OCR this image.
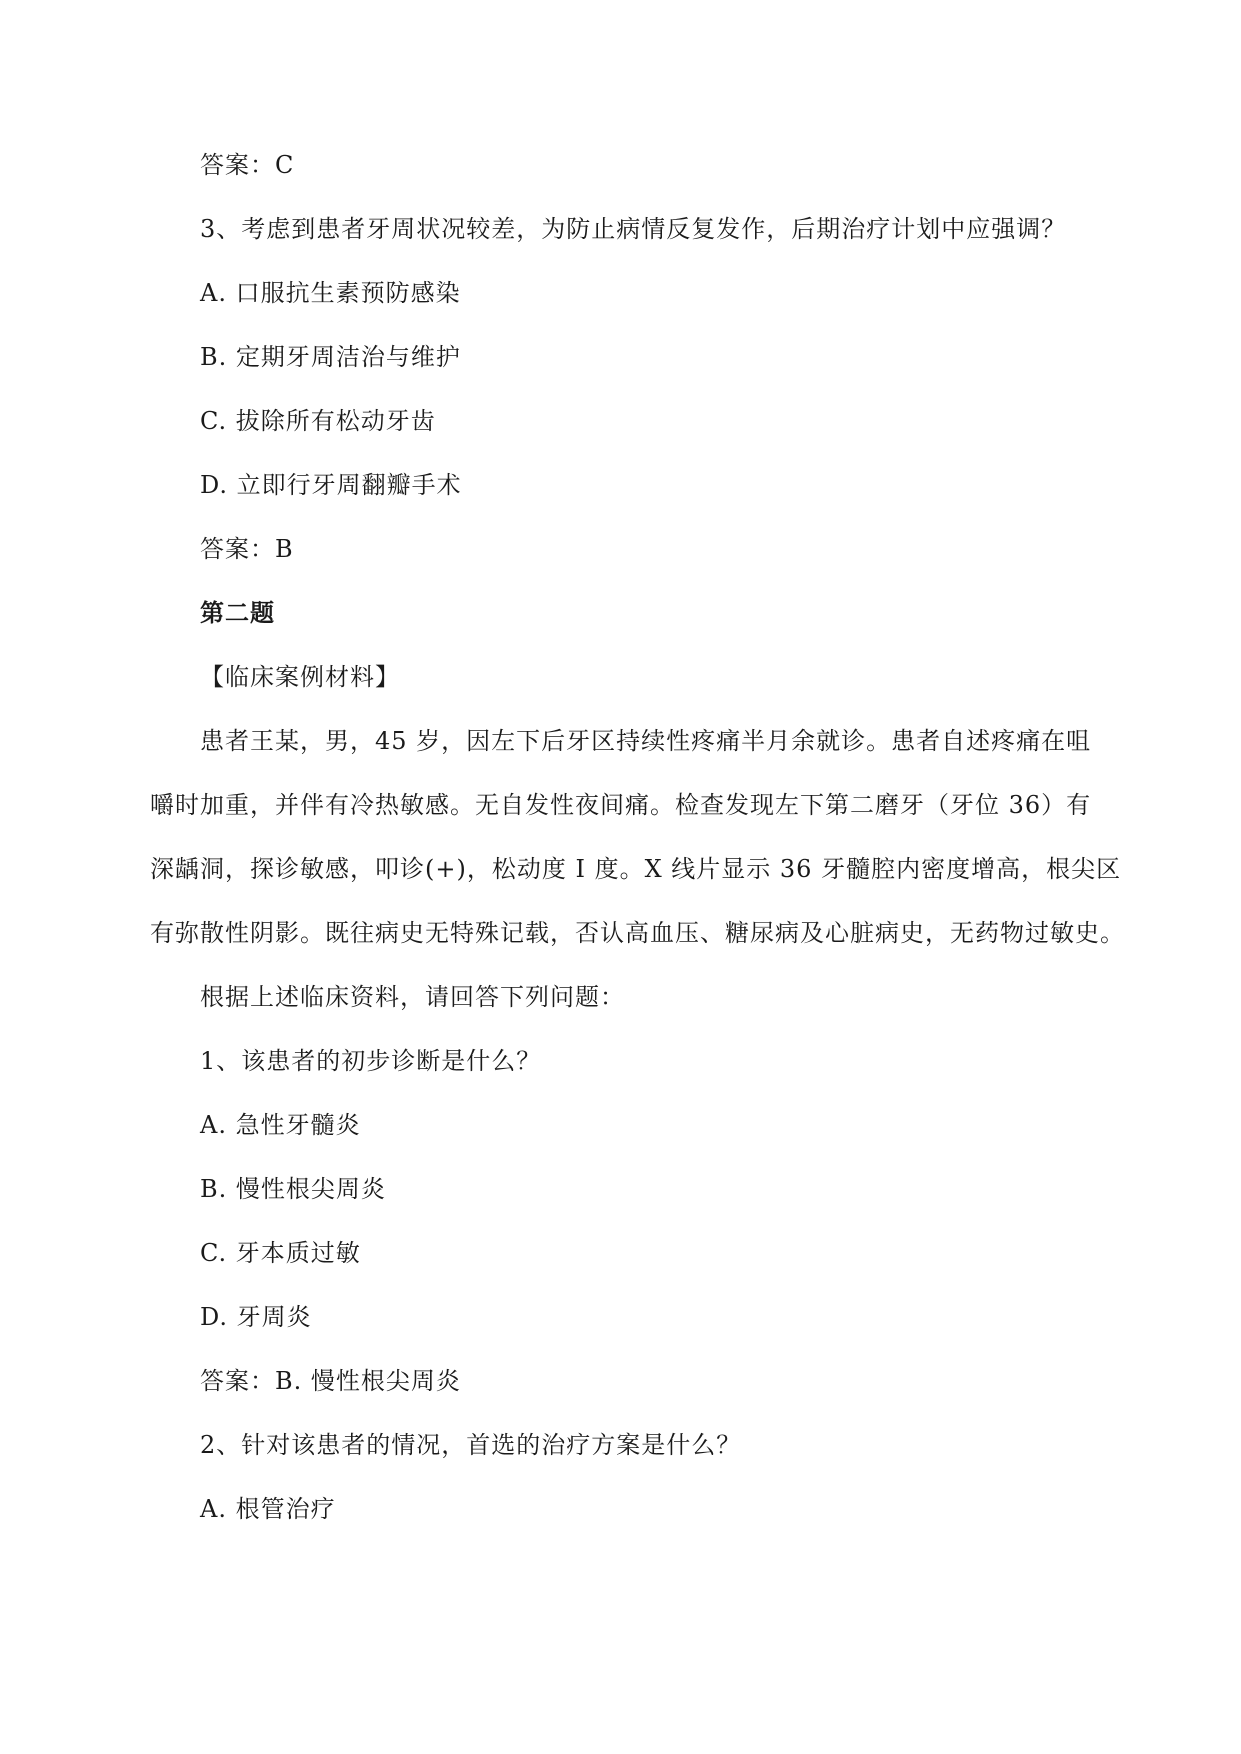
答案：C

3、考虑到患者牙周状况较差，为防止病情反复发作，后期治疗计划中应强调？

A. 口服抗生素预防感染

B. 定期牙周洁治与维护

C. 拔除所有松动牙齿

D. 立即行牙周翻瓣手术

答案：B

第二题

【临床案例材料】

患者王某，男，45 岁，因左下后牙区持续性疼痛半月余就诊。患者自述疼痛在咀

嚼时加重，并伴有冷热敏感。无自发性夜间痛。检查发现左下第二磨牙（牙位 36）有

深龋洞，探诊敏感，叩诊(+)，松动度 I 度。X 线片显示 36 牙髓腔内密度增高，根尖区

有弥散性阴影。既往病史无特殊记载，否认高血压、糖尿病及心脏病史，无药物过敏史。

根据上述临床资料，请回答下列问题：

1、该患者的初步诊断是什么？

A. 急性牙髓炎

B. 慢性根尖周炎

C. 牙本质过敏

D. 牙周炎

答案：B. 慢性根尖周炎

2、针对该患者的情况，首选的治疗方案是什么？

A. 根管治疗
